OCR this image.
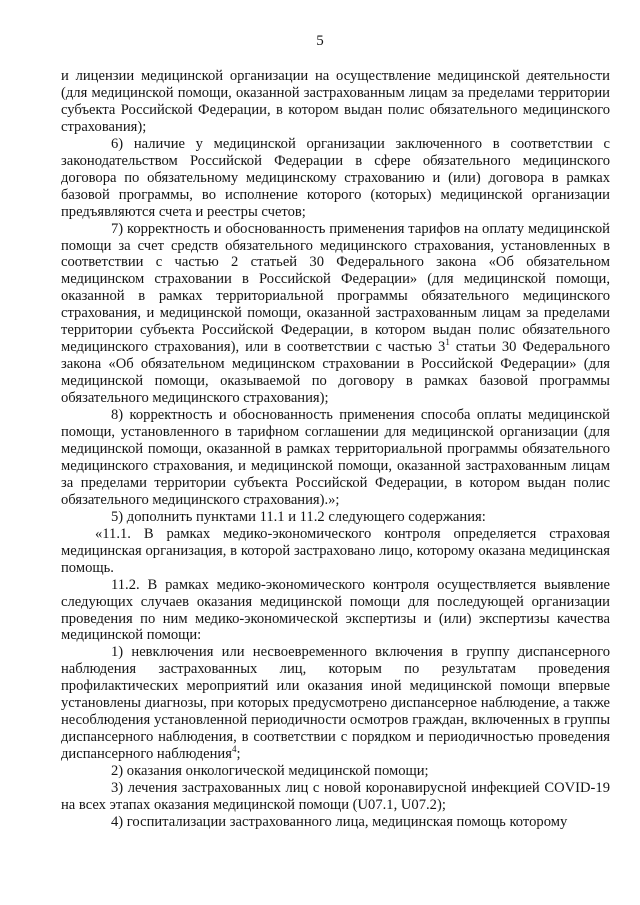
5

и лицензии медицинской организации на осуществление медицинской деятельности (для медицинской помощи, оказанной застрахованным лицам за пределами территории субъекта Российской Федерации, в котором выдан полис обязательного медицинского страхования);

6) наличие у медицинской организации заключенного в соответствии с законодательством Российской Федерации в сфере обязательного медицинского договора по обязательному медицинскому страхованию и (или) договора в рамках базовой программы, во исполнение которого (которых) медицинской организации предъявляются счета и реестры счетов;

7) корректность и обоснованность применения тарифов на оплату медицинской помощи за счет средств обязательного медицинского страхования, установленных в соответствии с частью 2 статьей 30 Федерального закона «Об обязательном медицинском страховании в Российской Федерации» (для медицинской помощи, оказанной в рамках территориальной программы обязательного медицинского страхования, и медицинской помощи, оказанной застрахованным лицам за пределами территории субъекта Российской Федерации, в котором выдан полис обязательного медицинского страхования), или в соответствии с частью $3^1$ статьи 30 Федерального закона «Об обязательном медицинском страховании в Российской Федерации» (для медицинской помощи, оказываемой по договору в рамках базовой программы обязательного медицинского страхования);

8) корректность и обоснованность применения способа оплаты медицинской помощи, установленного в тарифном соглашении для медицинской организации (для медицинской помощи, оказанной в рамках территориальной программы обязательного медицинского страхования, и медицинской помощи, оказанной застрахованным лицам за пределами территории субъекта Российской Федерации, в котором выдан полис обязательного медицинского страхования).»;

5) дополнить пунктами 11.1 и 11.2 следующего содержания:

«11.1. В рамках медико-экономического контроля определяется страховая медицинская организация, в которой застраховано лицо, которому оказана медицинская помощь.

11.2. В рамках медико-экономического контроля осуществляется выявление следующих случаев оказания медицинской помощи для последующей организации проведения по ним медико-экономической экспертизы и (или) экспертизы качества медицинской помощи:

1) невключения или несвоевременного включения в группу диспансерного наблюдения застрахованных лиц, которым по результатам проведения профилактических мероприятий или оказания иной медицинской помощи впервые установлены диагнозы, при которых предусмотрено диспансерное наблюдение, а также несоблюдения установленной периодичности осмотров граждан, включенных в группы диспансерного наблюдения, в соответствии с порядком и периодичностью проведения диспансерного наблюдения$^4$;

2) оказания онкологической медицинской помощи;

3) лечения застрахованных лиц с новой коронавирусной инфекцией COVID-19 на всех этапах оказания медицинской помощи (U07.1, U07.2);

4) госпитализации застрахованного лица, медицинская помощь которому
